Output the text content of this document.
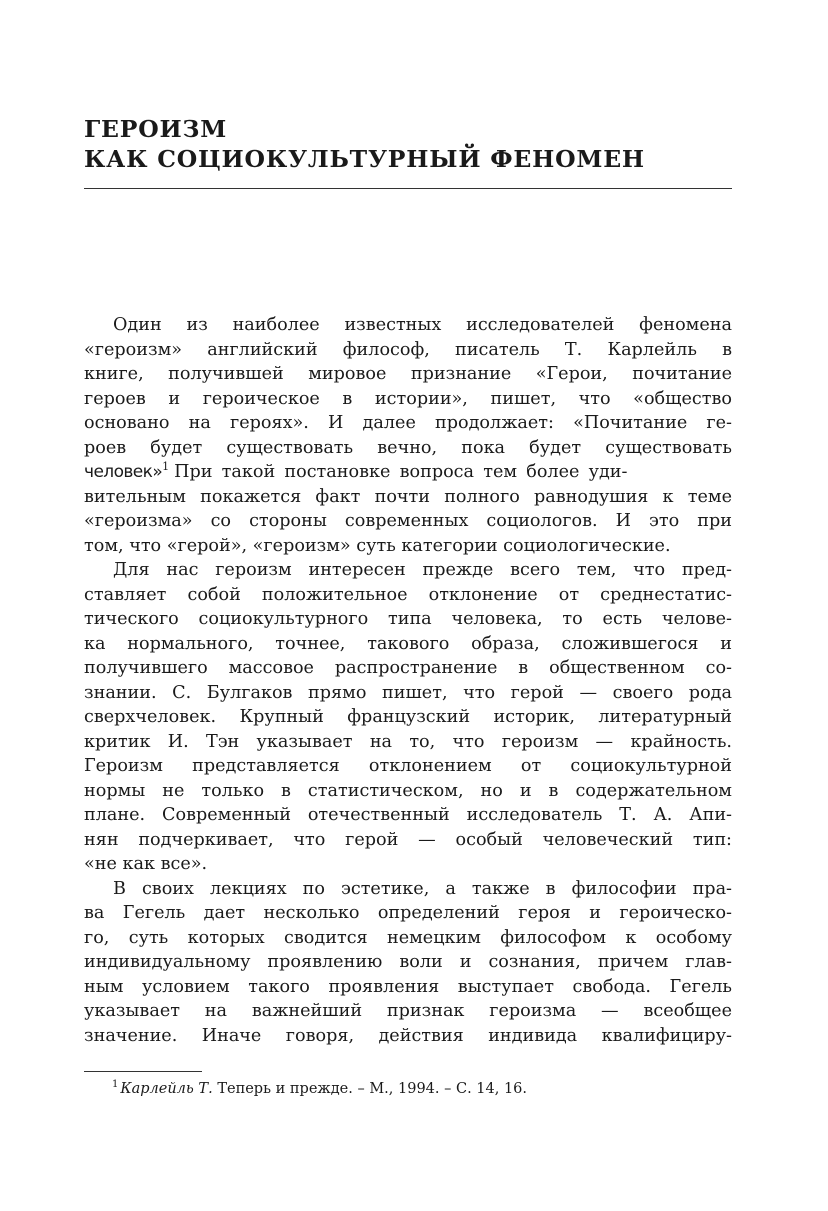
ГЕРОИЗМ
КАК СОЦИОКУЛЬТУРНЫЙ ФЕНОМЕН

Один из наиболее известных исследователей феномена
«героизм» английский философ, писатель Т. Карлейль в
книге, получившей мировое признание «Герои, почитание
героев и героическое в истории», пишет, что «общество
основано на героях». И далее продолжает: «Почитание ге-
роев будет существовать вечно, пока будет существовать
человек»$^1$ При такой постановке вопроса тем более уди-
вительным покажется факт почти полного равнодушия к теме
«героизма» со стороны современных социологов. И это при
том, что «герой», «героизм» суть категории социологические.

Для нас героизм интересен прежде всего тем, что пред-
ставляет собой положительное отклонение от среднестатис-
тического социокультурного типа человека, то есть челове-
ка нормального, точнее, такового образа, сложившегося и
получившего массовое распространение в общественном со-
знании. С. Булгаков прямо пишет, что герой — своего рода
сверхчеловек. Крупный французский историк, литературный
критик И. Тэн указывает на то, что героизм — крайность.
Героизм представляется отклонением от социокультурной
нормы не только в статистическом, но и в содержательном
плане. Современный отечественный исследователь Т. А. Апи-
нян подчеркивает, что герой — особый человеческий тип:
«не как все».

В своих лекциях по эстетике, а также в философии пра-
ва Гегель дает несколько определений героя и героическо-
го, суть которых сводится немецким философом к особому
индивидуальному проявлению воли и сознания, причем глав-
ным условием такого проявления выступает свобода. Гегель
указывает на важнейший признак героизма — всеобщее
значение. Иначе говоря, действия индивида квалифициру-

$^1$ Карлейль Т. Теперь и прежде. – М., 1994. – С. 14, 16.
